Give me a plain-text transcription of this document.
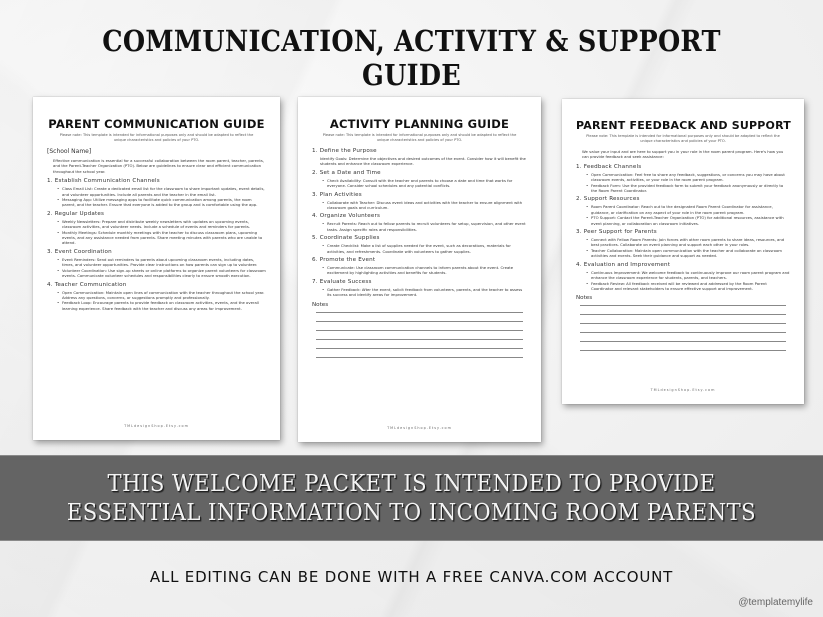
COMMUNICATION, ACTIVITY & SUPPORT GUIDE
PARENT COMMUNICATION GUIDE
Please note: This template is intended for informational purposes only and should be adapted to reflect the unique characteristics and policies of your PTO.
[School Name]
Effective communication is essential for a successful collaboration between the room parent, teacher, parents, and the Parent-Teacher Organization (PTO). Below are guidelines to ensure clear and efficient communication throughout the school year.
1. Establish Communication Channels
• Class Email List: Create a dedicated email list for the classroom to share important updates, event details, and volunteer opportunities. Include all parents and the teacher in the email list.
• Messaging App: Utilize messaging apps to facilitate quick communication among parents, the room parent, and the teacher. Ensure that everyone is added to the group and is comfortable using the app.
2. Regular Updates
• Weekly Newsletters: Prepare and distribute weekly newsletters with updates on upcoming events, classroom activities, and volunteer needs. Include a schedule of events and reminders for parents.
• Monthly Meetings: Schedule monthly meetings with the teacher to discuss classroom plans, upcoming events, and any assistance needed from parents. Share meeting minutes with parents who are unable to attend.
3. Event Coordination
• Event Reminders: Send out reminders to parents about upcoming classroom events, including dates, times, and volunteer opportunities. Provide clear instructions on how parents can sign up to volunteer.
• Volunteer Coordination: Use sign-up sheets or online platforms to organize parent volunteers for classroom events. Communicate volunteer schedules and responsibilities clearly to ensure smooth execution.
4. Teacher Communication
• Open Communication: Maintain open lines of communication with the teacher throughout the school year. Address any questions, concerns, or suggestions promptly and professionally.
• Feedback Loop: Encourage parents to provide feedback on classroom activities, events, and the overall learning experience. Share feedback with the teacher and discuss any areas for improvement.
TMLdesignShop.Etsy.com
ACTIVITY PLANNING GUIDE
Please note: This template is intended for informational purposes only and should be adapted to reflect the unique characteristics and policies of your PTO.
1. Define the Purpose
Identify Goals: Determine the objectives and desired outcomes of the event. Consider how it will benefit the students and enhance the classroom experience.
2. Set a Date and Time
• Check Availability: Consult with the teacher and parents to choose a date and time that works for everyone. Consider school schedules and any potential conflicts.
3. Plan Activities
• Collaborate with Teacher: Discuss event ideas and activities with the teacher to ensure alignment with classroom goals and curriculum.
4. Organize Volunteers
• Recruit Parents: Reach out to fellow parents to recruit volunteers for setup, supervision, and other event tasks. Assign specific roles and responsibilities.
5. Coordinate Supplies
• Create Checklist: Make a list of supplies needed for the event, such as decorations, materials for activities, and refreshments. Coordinate with volunteers to gather supplies.
6. Promote the Event
• Communicate: Use classroom communication channels to inform parents about the event. Create excitement by highlighting activities and benefits for students.
7. Evaluate Success
• Gather Feedback: After the event, solicit feedback from volunteers, parents, and the teacher to assess its success and identify areas for improvement.
Notes
TMLdesignShop.Etsy.com
PARENT FEEDBACK AND SUPPORT
Please note: This template is intended for informational purposes only and should be adapted to reflect the unique characteristics and policies of your PTO.
We value your input and are here to support you in your role in the room parent program. Here's how you can provide feedback and seek assistance:
1. Feedback Channels
• Open Communication: Feel free to share any feedback, suggestions, or concerns you may have about classroom events, activities, or your role in the room parent program.
• Feedback Form: Use the provided feedback form to submit your feedback anonymously or directly to the Room Parent Coordinator.
2. Support Resources
• Room Parent Coordinator: Reach out to the designated Room Parent Coordinator for assistance, guidance, or clarification on any aspect of your role in the room parent program.
• PTO Support: Contact the Parent-Teacher Organization (PTO) for additional resources, assistance with event planning, or collaboration on classroom initiatives.
3. Peer Support for Parents
• Connect with Fellow Room Parents: Join forces with other room parents to share ideas, resources, and best practices. Collaborate on event planning and support each other in your roles.
• Teacher Collaboration: Maintain open communication with the teacher and collaborate on classroom activities and events. Seek their guidance and support as needed.
4. Evaluation and Improvement
• Continuous Improvement: We welcome feedback to continuously improve our room parent program and enhance the classroom experience for students, parents, and teachers.
• Feedback Review: All feedback received will be reviewed and addressed by the Room Parent Coordinator and relevant stakeholders to ensure effective support and improvement.
Notes
TMLdesignShop.Etsy.com
THIS WELCOME PACKET IS INTENDED TO PROVIDE
ESSENTIAL INFORMATION TO INCOMING ROOM PARENTS
ALL EDITING CAN BE DONE WITH A FREE CANVA.COM ACCOUNT
@templatemylife
